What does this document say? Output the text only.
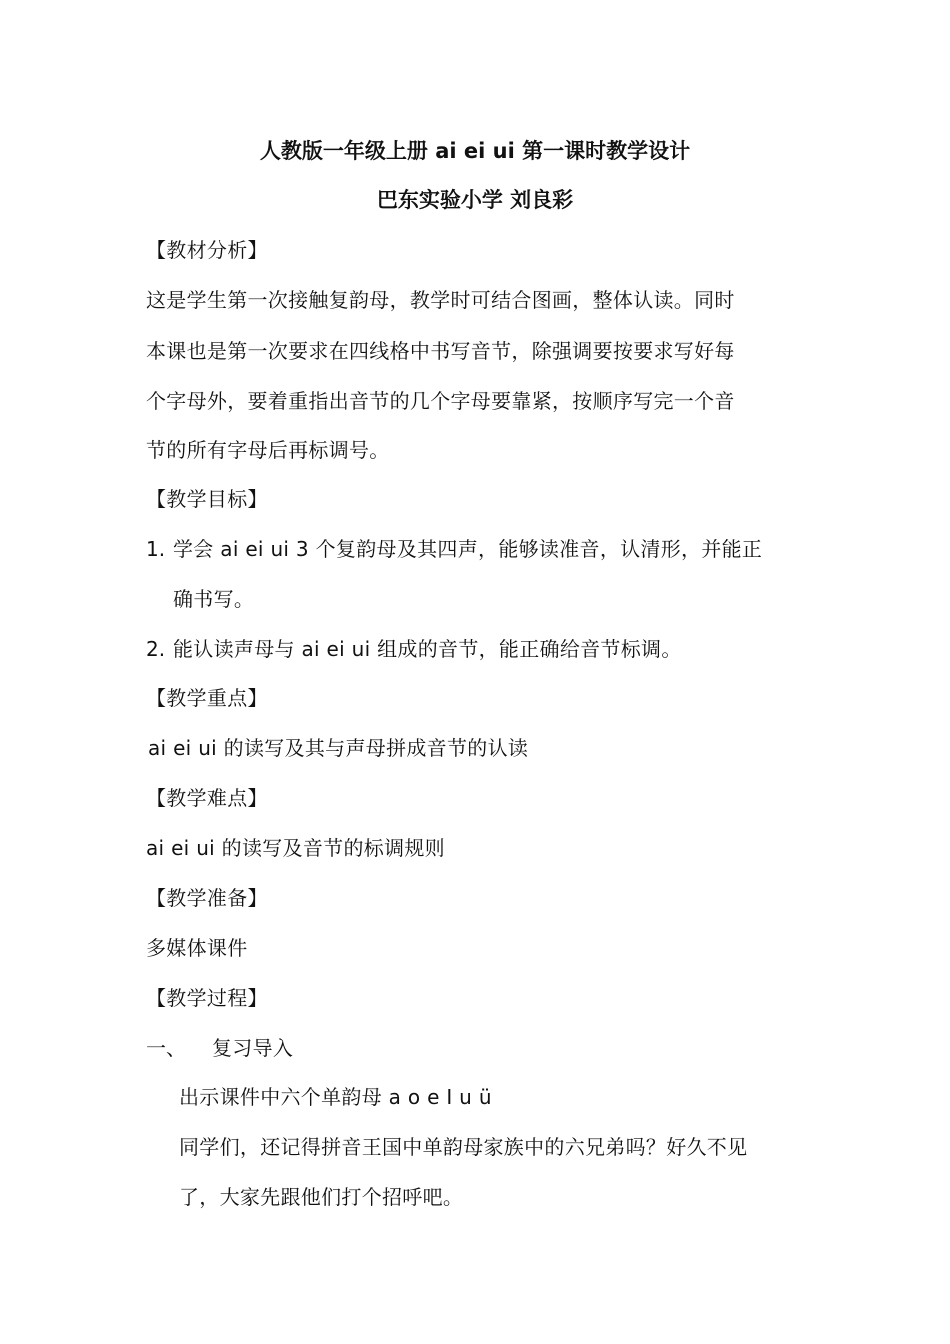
人教版一年级上册 ai ei ui 第一课时教学设计
巴东实验小学 刘良彩
【教材分析】
这是学生第一次接触复韵母，教学时可结合图画，整体认读。同时
本课也是第一次要求在四线格中书写音节，除强调要按要求写好每
个字母外，要着重指出音节的几个字母要靠紧，按顺序写完一个音
节的所有字母后再标调号。
【教学目标】
1. 学会 ai ei ui 3 个复韵母及其四声，能够读准音，认清形，并能正
确书写。
2. 能认读声母与 ai ei ui 组成的音节，能正确给音节标调。
【教学重点】
ai ei ui 的读写及其与声母拼成音节的认读
【教学难点】
ai ei ui 的读写及音节的标调规则
【教学准备】
多媒体课件
【教学过程】
一、 复习导入
出示课件中六个单韵母 a o e I u ü
同学们，还记得拼音王国中单韵母家族中的六兄弟吗？好久不见
了，大家先跟他们打个招呼吧。
